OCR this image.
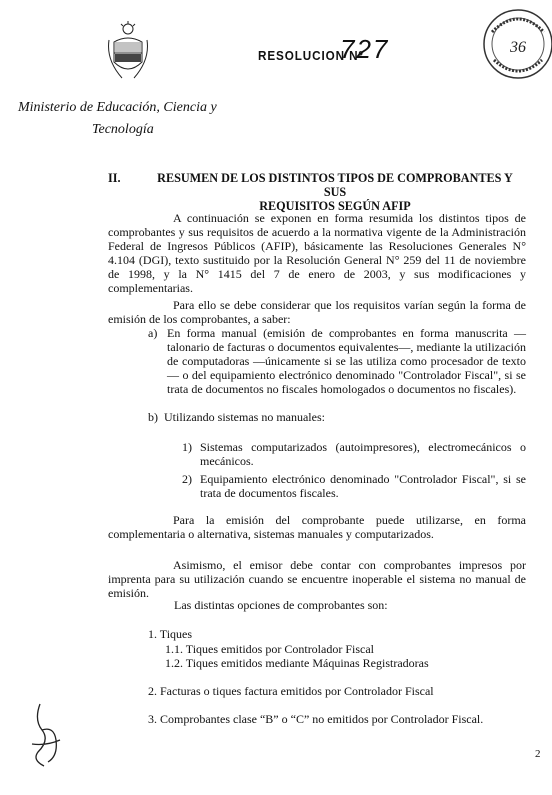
RESOLUCION Nº
727	36
Ministerio de Educación, Ciencia y
Tecnología
II.	RESUMEN DE LOS DISTINTOS TIPOS DE COMPROBANTES Y SUS
REQUISITOS SEGÚN AFIP
A continuación se exponen en forma resumida los distintos tipos de comprobantes y sus requisitos de acuerdo a la normativa vigente de la Administración Federal de Ingresos Públicos (AFIP), básicamente las Resoluciones Generales N° 4.104 (DGI), texto sustituido por la Resolución General N° 259 del 11 de noviembre de 1998, y la N° 1415 del 7 de enero de 2003, y sus modificaciones y complementarias.
Para ello se debe considerar que los requisitos varían según la forma de emisión de los comprobantes, a saber:
a) En forma manual (emisión de comprobantes en forma manuscrita —talonario de facturas o documentos equivalentes—, mediante la utilización de computadoras —únicamente si se las utiliza como procesador de texto— o del equipamiento electrónico denominado "Controlador Fiscal", si se trata de documentos no fiscales homologados o documentos no fiscales).
b) Utilizando sistemas no manuales:
1) Sistemas computarizados (autoimpresores), electromecánicos o mecánicos.
2) Equipamiento electrónico denominado "Controlador Fiscal", si se trata de documentos fiscales.
Para la emisión del comprobante puede utilizarse, en forma complementaria o alternativa, sistemas manuales y computarizados.
Asimismo, el emisor debe contar con comprobantes impresos por imprenta para su utilización cuando se encuentre inoperable el sistema no manual de emisión.
Las distintas opciones de comprobantes son:
1. Tiques
1.1. Tiques emitidos por Controlador Fiscal
1.2. Tiques emitidos mediante Máquinas Registradoras
2. Facturas o tiques factura emitidos por Controlador Fiscal
3. Comprobantes clase “B” o “C” no emitidos por Controlador Fiscal.
2
